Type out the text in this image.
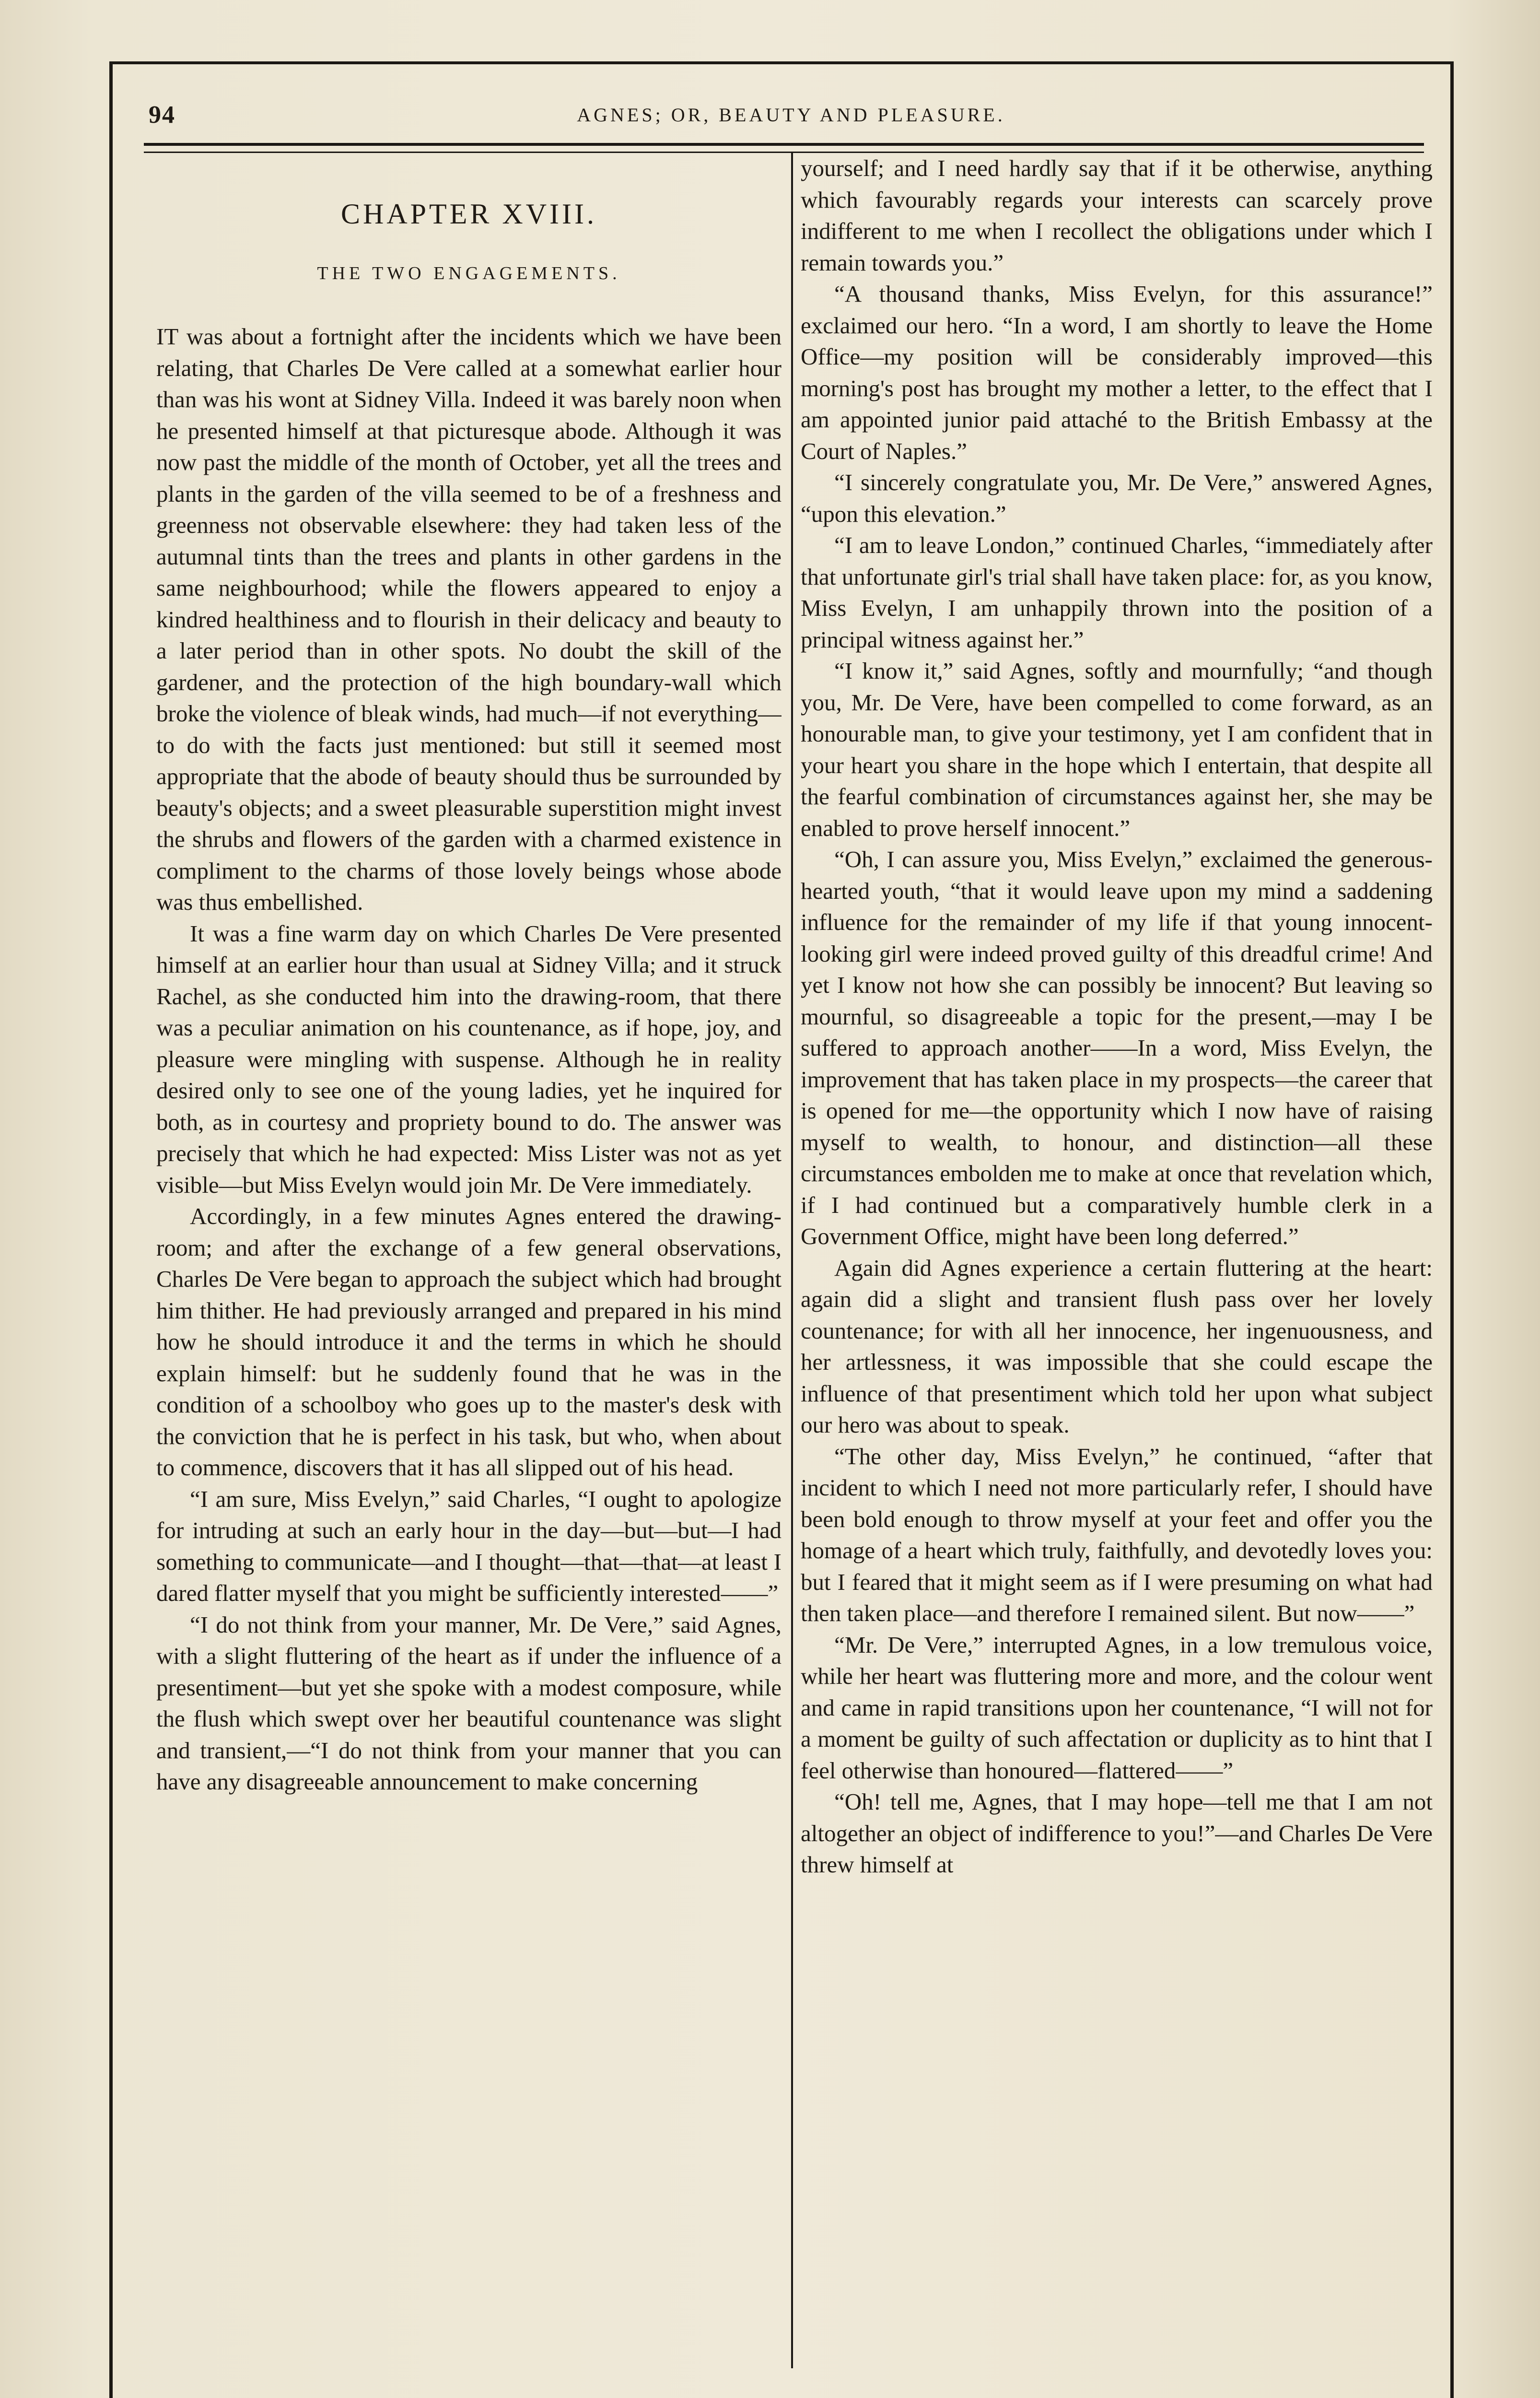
94	AGNES; OR, BEAUTY AND PLEASURE.
CHAPTER XVIII.
THE TWO ENGAGEMENTS.

IT was about a fortnight after the incidents which we have been relating, that Charles De Vere called at a somewhat earlier hour than was his wont at Sidney Villa. Indeed it was barely noon when he presented himself at that picturesque abode. Although it was now past the middle of the month of October, yet all the trees and plants in the garden of the villa seemed to be of a freshness and greenness not observable elsewhere: they had taken less of the autumnal tints than the trees and plants in other gardens in the same neighbourhood; while the flowers appeared to enjoy a kindred healthiness and to flourish in their delicacy and beauty to a later period than in other spots. No doubt the skill of the gardener, and the protection of the high boundary-wall which broke the violence of bleak winds, had much—if not everything—to do with the facts just mentioned: but still it seemed most appropriate that the abode of beauty should thus be surrounded by beauty's objects; and a sweet pleasurable superstition might invest the shrubs and flowers of the garden with a charmed existence in compliment to the charms of those lovely beings whose abode was thus embellished.

It was a fine warm day on which Charles De Vere presented himself at an earlier hour than usual at Sidney Villa; and it struck Rachel, as she conducted him into the drawing-room, that there was a peculiar animation on his countenance, as if hope, joy, and pleasure were mingling with suspense. Although he in reality desired only to see one of the young ladies, yet he inquired for both, as in courtesy and propriety bound to do. The answer was precisely that which he had expected: Miss Lister was not as yet visible—but Miss Evelyn would join Mr. De Vere immediately.

Accordingly, in a few minutes Agnes entered the drawing-room; and after the exchange of a few general observations, Charles De Vere began to approach the subject which had brought him thither. He had previously arranged and prepared in his mind how he should introduce it and the terms in which he should explain himself: but he suddenly found that he was in the condition of a schoolboy who goes up to the master's desk with the conviction that he is perfect in his task, but who, when about to commence, discovers that it has all slipped out of his head.

“I am sure, Miss Evelyn,” said Charles, “I ought to apologize for intruding at such an early hour in the day—but—but—I had something to communicate—and I thought—that—that—at least I dared flatter myself that you might be sufficiently interested——”

“I do not think from your manner, Mr. De Vere,” said Agnes, with a slight fluttering of the heart as if under the influence of a presentiment—but yet she spoke with a modest composure, while the flush which swept over her beautiful countenance was slight and transient,—“I do not think from your manner that you can have any disagreeable announcement to make concerning

yourself; and I need hardly say that if it be otherwise, anything which favourably regards your interests can scarcely prove indifferent to me when I recollect the obligations under which I remain towards you.”

“A thousand thanks, Miss Evelyn, for this assurance!” exclaimed our hero. “In a word, I am shortly to leave the Home Office—my position will be considerably improved—this morning's post has brought my mother a letter, to the effect that I am appointed junior paid attaché to the British Embassy at the Court of Naples.”

“I sincerely congratulate you, Mr. De Vere,” answered Agnes, “upon this elevation.”

“I am to leave London,” continued Charles, “immediately after that unfortunate girl's trial shall have taken place: for, as you know, Miss Evelyn, I am unhappily thrown into the position of a principal witness against her.”

“I know it,” said Agnes, softly and mournfully; “and though you, Mr. De Vere, have been compelled to come forward, as an honourable man, to give your testimony, yet I am confident that in your heart you share in the hope which I entertain, that despite all the fearful combination of circumstances against her, she may be enabled to prove herself innocent.”

“Oh, I can assure you, Miss Evelyn,” exclaimed the generous-hearted youth, “that it would leave upon my mind a saddening influence for the remainder of my life if that young innocent-looking girl were indeed proved guilty of this dreadful crime! And yet I know not how she can possibly be innocent? But leaving so mournful, so disagreeable a topic for the present,—may I be suffered to approach another——In a word, Miss Evelyn, the improvement that has taken place in my prospects—the career that is opened for me—the opportunity which I now have of raising myself to wealth, to honour, and distinction—all these circumstances embolden me to make at once that revelation which, if I had continued but a comparatively humble clerk in a Government Office, might have been long deferred.”

Again did Agnes experience a certain fluttering at the heart: again did a slight and transient flush pass over her lovely countenance; for with all her innocence, her ingenuousness, and her artlessness, it was impossible that she could escape the influence of that presentiment which told her upon what subject our hero was about to speak.

“The other day, Miss Evelyn,” he continued, “after that incident to which I need not more particularly refer, I should have been bold enough to throw myself at your feet and offer you the homage of a heart which truly, faithfully, and devotedly loves you: but I feared that it might seem as if I were presuming on what had then taken place—and therefore I remained silent. But now——”

“Mr. De Vere,” interrupted Agnes, in a low tremulous voice, while her heart was fluttering more and more, and the colour went and came in rapid transitions upon her countenance, “I will not for a moment be guilty of such affectation or duplicity as to hint that I feel otherwise than honoured—flattered——”

“Oh! tell me, Agnes, that I may hope—tell me that I am not altogether an object of indifference to you!”—and Charles De Vere threw himself at
